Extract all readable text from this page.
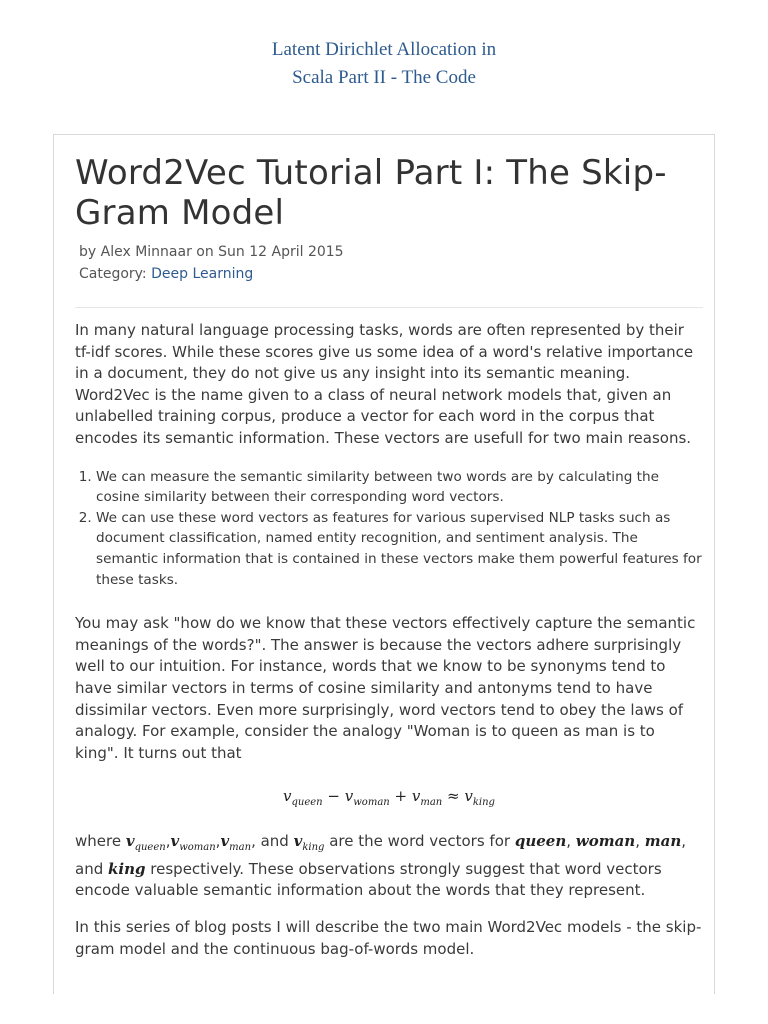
Latent Dirichlet Allocation in
Scala Part II - The Code
Word2Vec Tutorial Part I: The Skip-Gram Model
by Alex Minnaar on Sun 12 April 2015
Category: Deep Learning

In many natural language processing tasks, words are often represented by their tf-idf scores. While these scores give us some idea of a word's relative importance in a document, they do not give us any insight into its semantic meaning. Word2Vec is the name given to a class of neural network models that, given an unlabelled training corpus, produce a vector for each word in the corpus that encodes its semantic information. These vectors are usefull for two main reasons.

1. We can measure the semantic similarity between two words are by calculating the cosine similarity between their corresponding word vectors.
2. We can use these word vectors as features for various supervised NLP tasks such as document classification, named entity recognition, and sentiment analysis. The semantic information that is contained in these vectors make them powerful features for these tasks.

You may ask "how do we know that these vectors effectively capture the semantic meanings of the words?". The answer is because the vectors adhere surprisingly well to our intuition. For instance, words that we know to be synonyms tend to have similar vectors in terms of cosine similarity and antonyms tend to have dissimilar vectors. Even more surprisingly, word vectors tend to obey the laws of analogy. For example, consider the analogy "Woman is to queen as man is to king". It turns out that

$v_{queen} - v_{woman} + v_{man} \approx v_{king}$

where $v_{queen},v_{woman},v_{man}$, and $v_{king}$ are the word vectors for queen, woman, man, and king respectively. These observations strongly suggest that word vectors encode valuable semantic information about the words that they represent.

In this series of blog posts I will describe the two main Word2Vec models - the skip-gram model and the continuous bag-of-words model.
